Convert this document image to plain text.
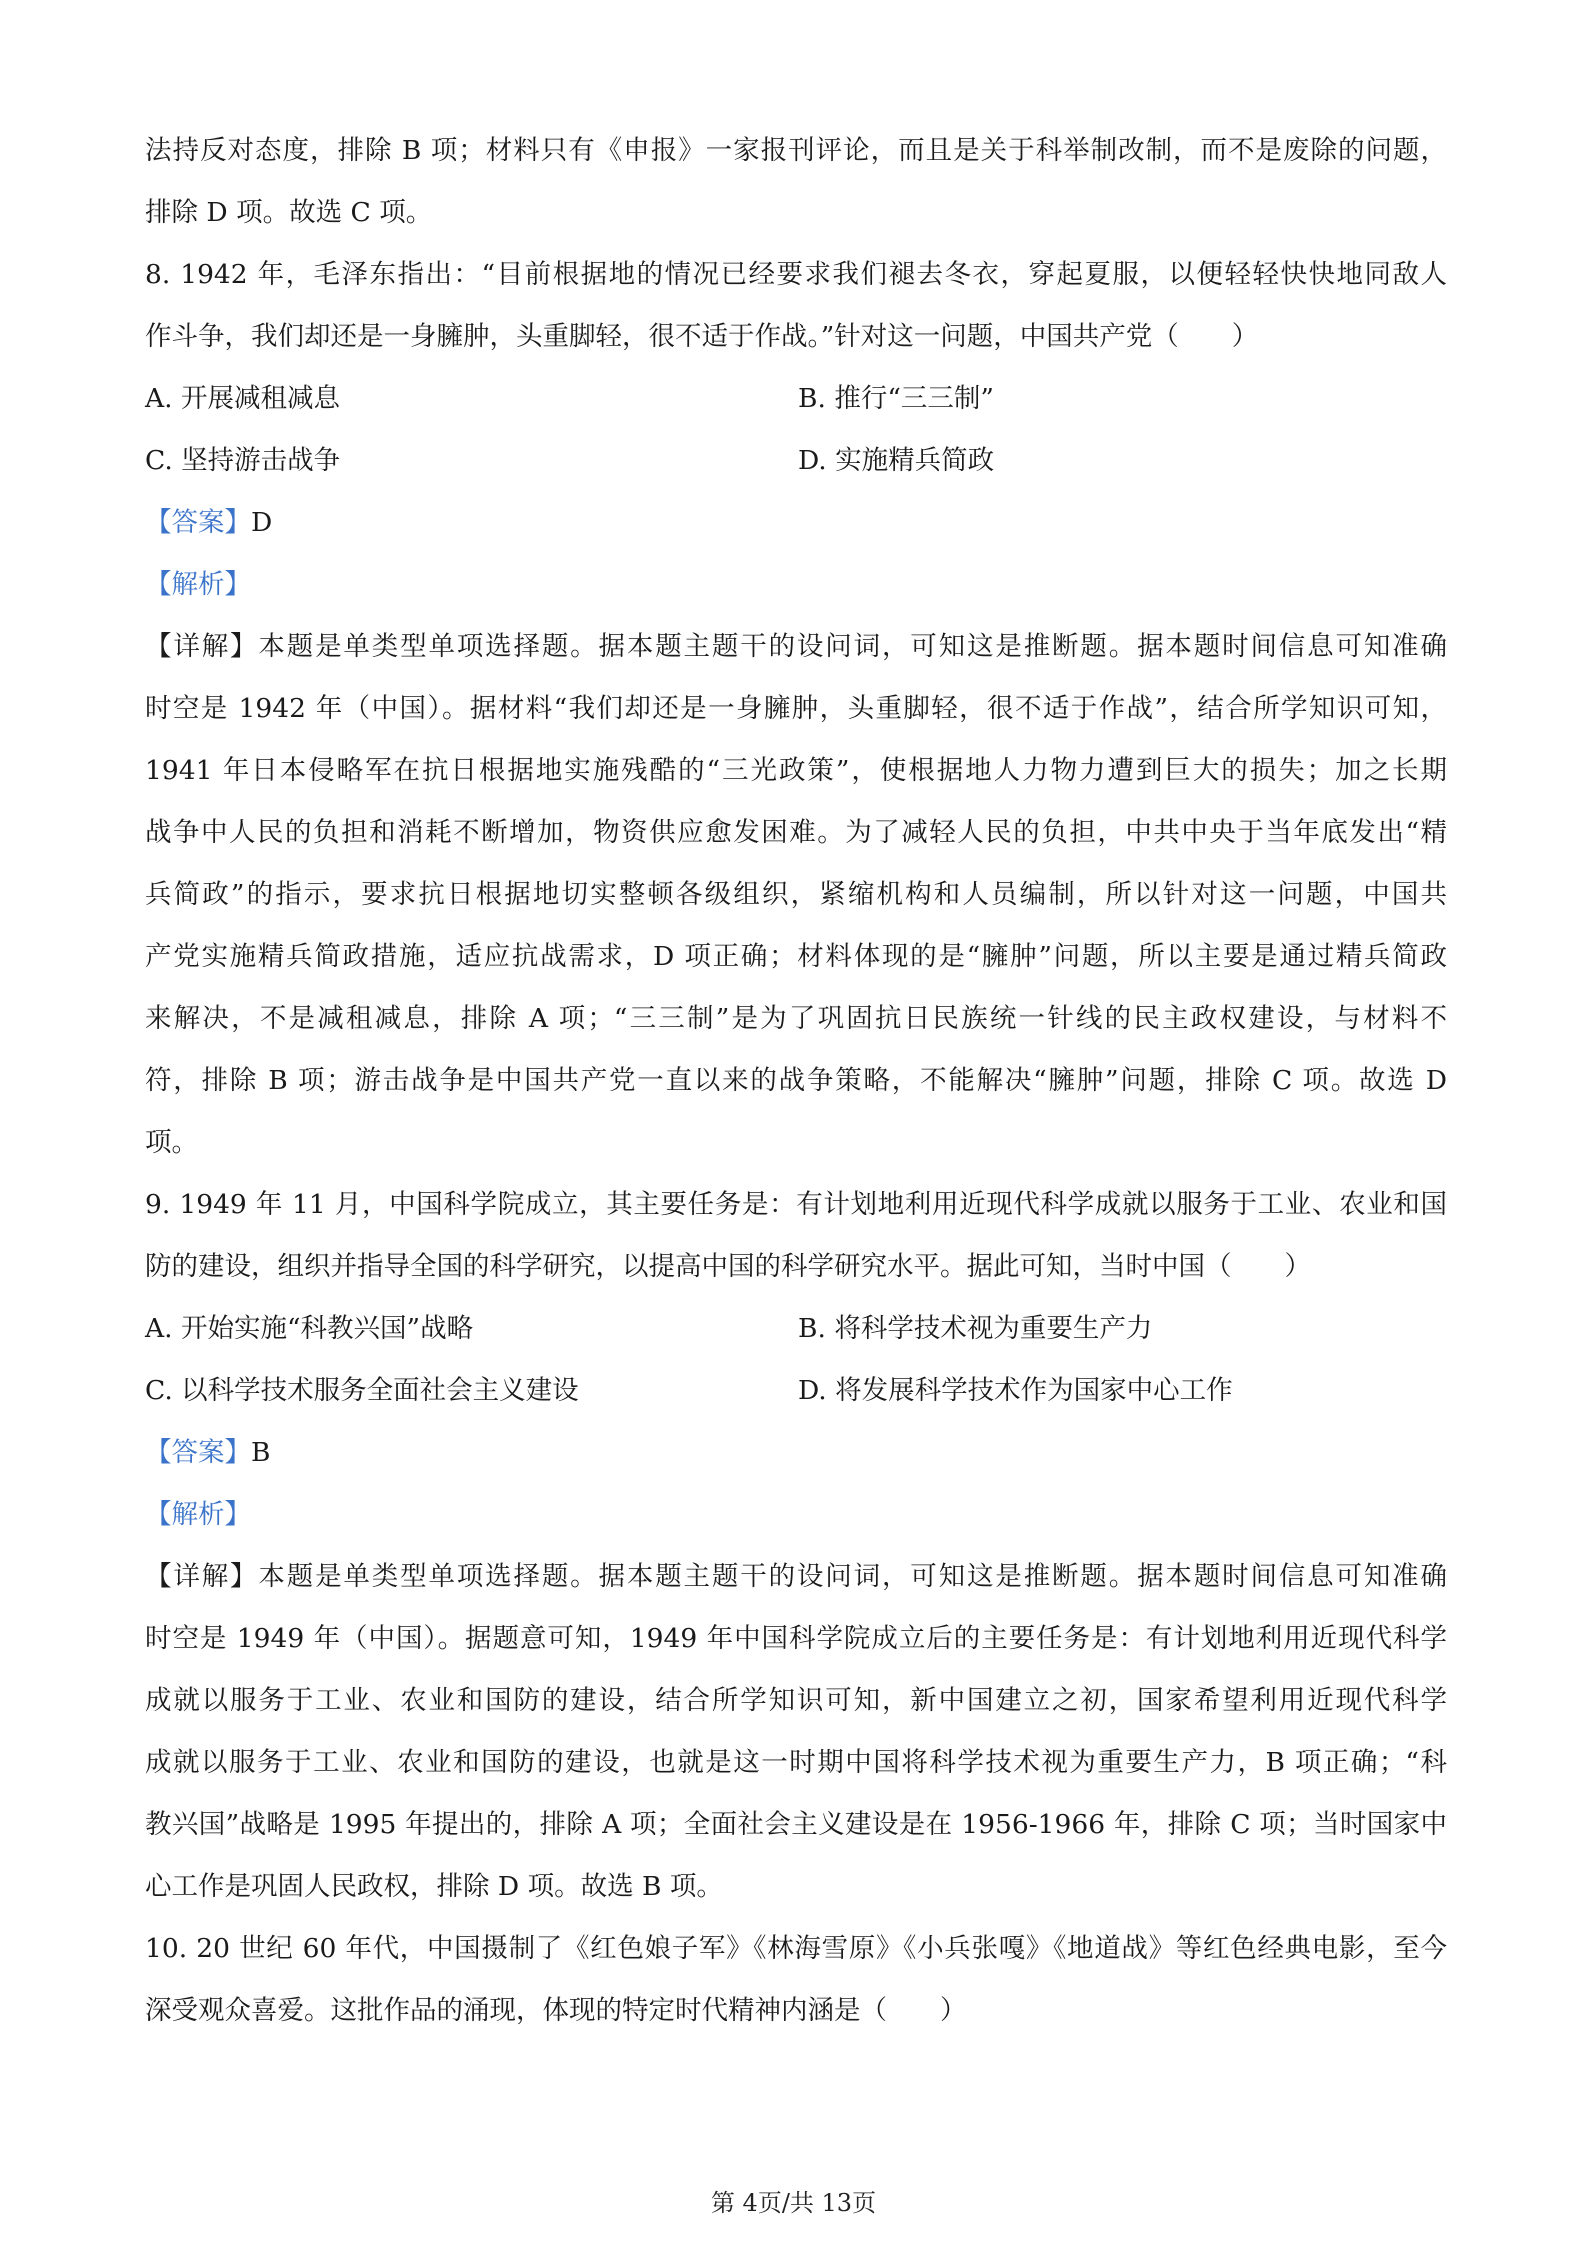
法持反对态度，排除 B 项；材料只有《申报》一家报刊评论，而且是关于科举制改制，而不是废除的问题，
排除 D 项。故选 C 项。
8. 1942 年，毛泽东指出：“目前根据地的情况已经要求我们褪去冬衣，穿起夏服，以便轻轻快快地同敌人
作斗争，我们却还是一身臃肿，头重脚轻，很不适于作战。”针对这一问题，中国共产党（　　）
A. 开展减租减息	B. 推行“三三制”
C. 坚持游击战争	D. 实施精兵简政
【答案】D
【解析】
【详解】本题是单类型单项选择题。据本题主题干的设问词，可知这是推断题。据本题时间信息可知准确
时空是 1942 年（中国）。据材料“我们却还是一身臃肿，头重脚轻，很不适于作战”，结合所学知识可知，
1941 年日本侵略军在抗日根据地实施残酷的“三光政策”，使根据地人力物力遭到巨大的损失；加之长期
战争中人民的负担和消耗不断增加，物资供应愈发困难。为了减轻人民的负担，中共中央于当年底发出“精
兵简政”的指示，要求抗日根据地切实整顿各级组织，紧缩机构和人员编制，所以针对这一问题，中国共
产党实施精兵简政措施，适应抗战需求，D 项正确；材料体现的是“臃肿”问题，所以主要是通过精兵简政
来解决，不是减租减息，排除 A 项；“三三制”是为了巩固抗日民族统一针线的民主政权建设，与材料不
符，排除 B 项；游击战争是中国共产党一直以来的战争策略，不能解决“臃肿”问题，排除 C 项。故选 D
项。
9. 1949 年 11 月，中国科学院成立，其主要任务是：有计划地利用近现代科学成就以服务于工业、农业和国
防的建设，组织并指导全国的科学研究，以提高中国的科学研究水平。据此可知，当时中国（　　）
A. 开始实施“科教兴国”战略	B. 将科学技术视为重要生产力
C. 以科学技术服务全面社会主义建设	D. 将发展科学技术作为国家中心工作
【答案】B
【解析】
【详解】本题是单类型单项选择题。据本题主题干的设问词，可知这是推断题。据本题时间信息可知准确
时空是 1949 年（中国）。据题意可知，1949 年中国科学院成立后的主要任务是：有计划地利用近现代科学
成就以服务于工业、农业和国防的建设，结合所学知识可知，新中国建立之初，国家希望利用近现代科学
成就以服务于工业、农业和国防的建设，也就是这一时期中国将科学技术视为重要生产力，B 项正确；“科
教兴国”战略是 1995 年提出的，排除 A 项；全面社会主义建设是在 1956-1966 年，排除 C 项；当时国家中
心工作是巩固人民政权，排除 D 项。故选 B 项。
10. 20 世纪 60 年代，中国摄制了《红色娘子军》《林海雪原》《小兵张嘎》《地道战》等红色经典电影，至今
深受观众喜爱。这批作品的涌现，体现的特定时代精神内涵是（　　）
第 4页/共 13页
